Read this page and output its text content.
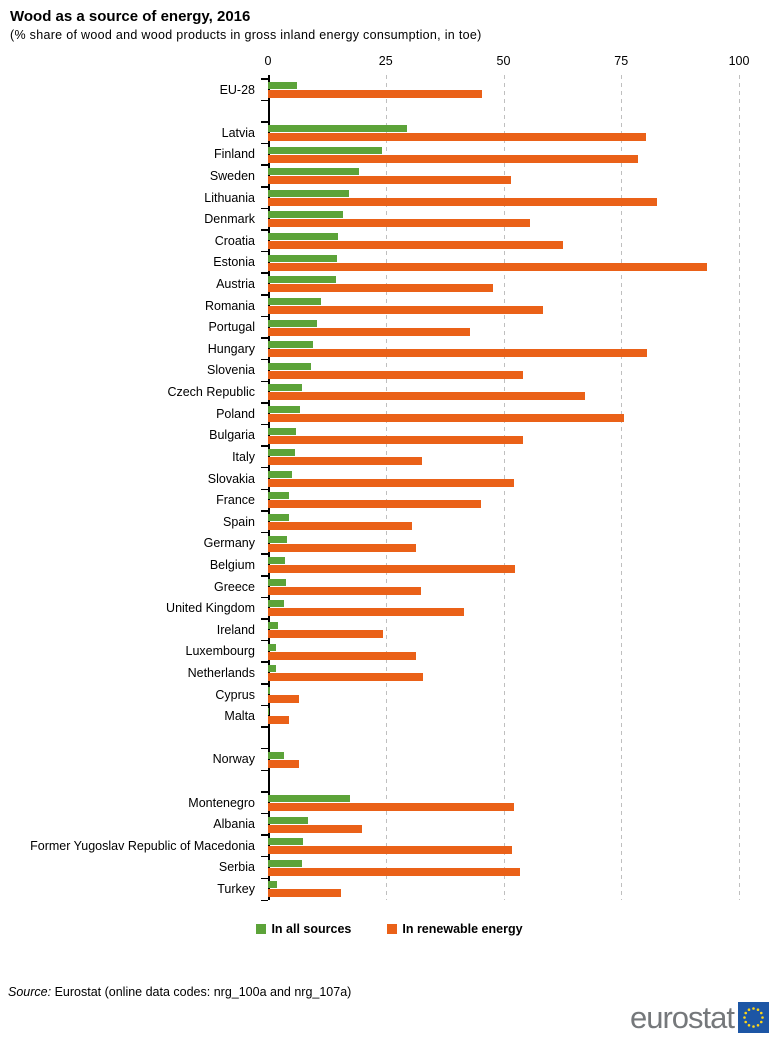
Wood as a source of energy, 2016
(% share of wood and wood products in gross inland energy consumption, in toe)
0	25	50	75	100
EU-28
Latvia
Finland
Sweden
Lithuania
Denmark
Croatia
Estonia
Austria
Romania
Portugal
Hungary
Slovenia
Czech Republic
Poland
Bulgaria
Italy
Slovakia
France
Spain
Germany
Belgium
Greece
United Kingdom
Ireland
Luxembourg
Netherlands
Cyprus
Malta
Norway
Montenegro
Albania
Former Yugoslav Republic of Macedonia
Serbia
Turkey
In all sources	In renewable energy
Source: Eurostat (online data codes: nrg_100a and nrg_107a)
eurostat
